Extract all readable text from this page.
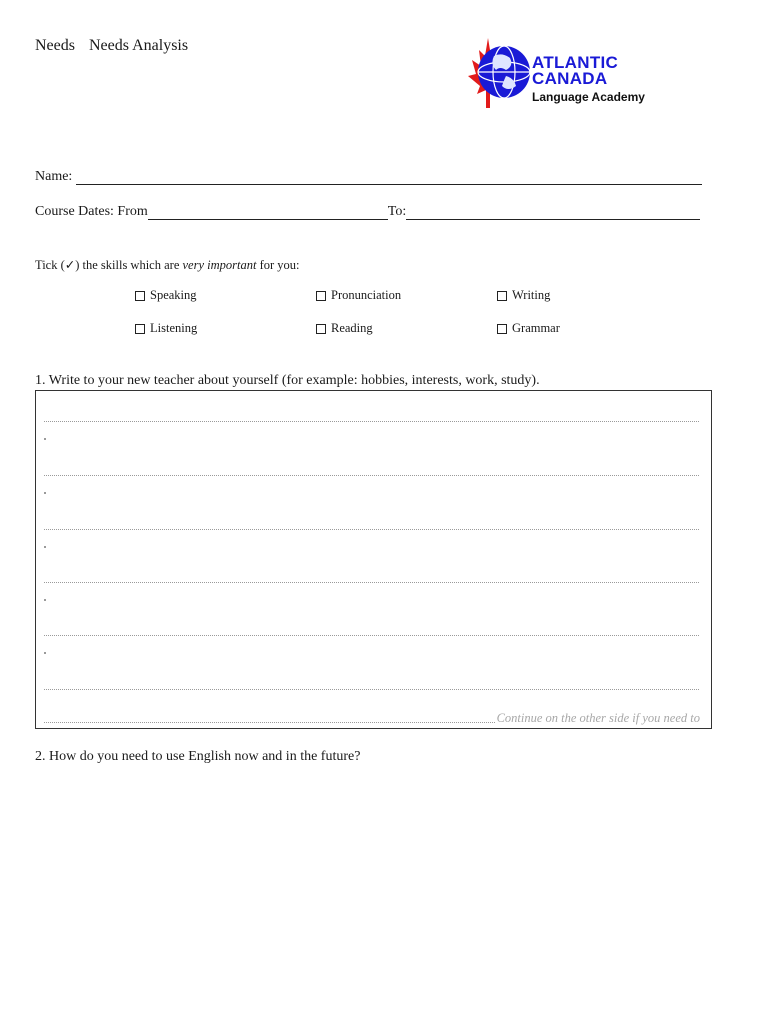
Needs Needs Analysis
ATLANTIC
CANADA
Language Academy
Name:
Course Dates: From	To:
Tick (✓) the skills which are very important for you:
Speaking	Pronunciation	Writing
Listening	Reading	Grammar
1. Write to your new teacher about yourself (for example: hobbies, interests, work, study).
Continue on the other side if you need to
2. How do you need to use English now and in the future?
